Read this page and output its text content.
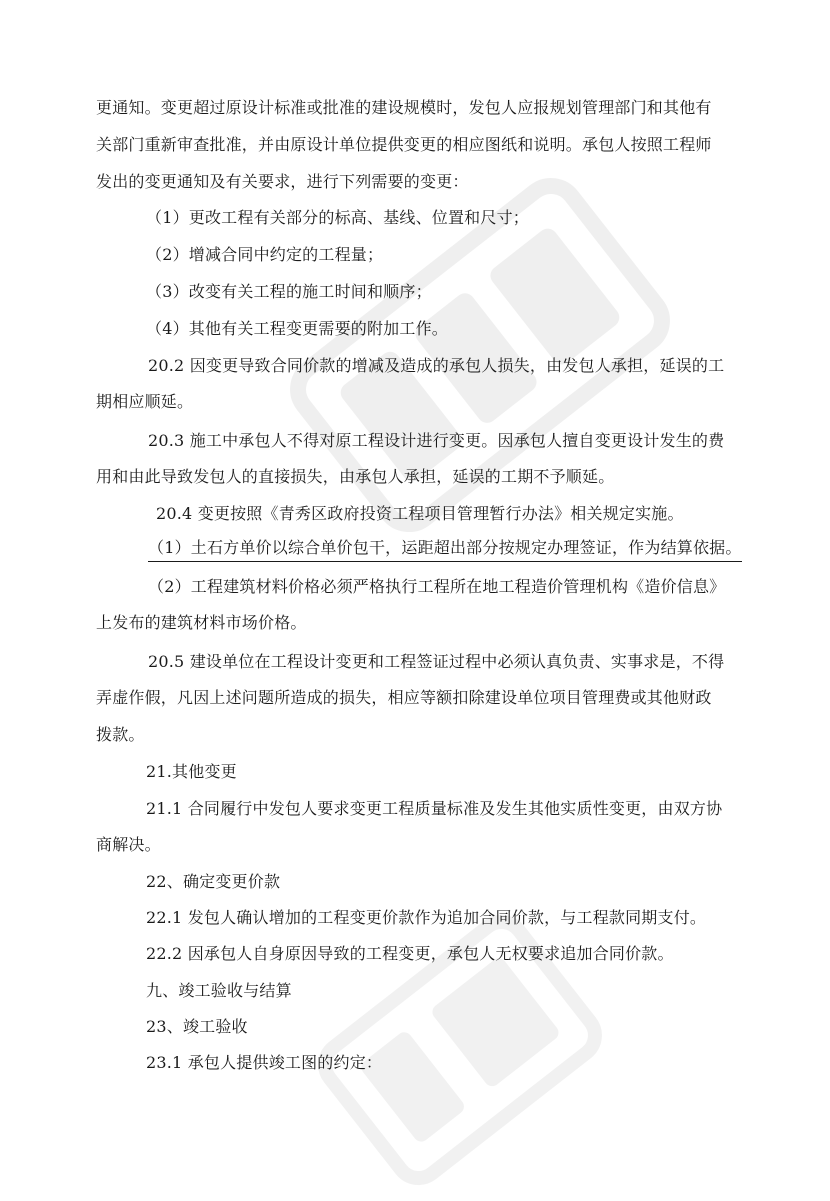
更通知。变更超过原设计标准或批准的建设规模时，发包人应报规划管理部门和其他有
关部门重新审查批准，并由原设计单位提供变更的相应图纸和说明。承包人按照工程师
发出的变更通知及有关要求，进行下列需要的变更：
（1）更改工程有关部分的标高、基线、位置和尺寸；
（2）增减合同中约定的工程量；
（3）改变有关工程的施工时间和顺序；
（4）其他有关工程变更需要的附加工作。
20.2 因变更导致合同价款的增减及造成的承包人损失，由发包人承担，延误的工
期相应顺延。
20.3 施工中承包人不得对原工程设计进行变更。因承包人擅自变更设计发生的费
用和由此导致发包人的直接损失，由承包人承担，延误的工期不予顺延。
20.4 变更按照《青秀区政府投资工程项目管理暂行办法》相关规定实施。
（1）土石方单价以综合单价包干，运距超出部分按规定办理签证，作为结算依据。
（2）工程建筑材料价格必须严格执行工程所在地工程造价管理机构《造价信息》
上发布的建筑材料市场价格。
20.5 建设单位在工程设计变更和工程签证过程中必须认真负责、实事求是，不得
弄虚作假，凡因上述问题所造成的损失，相应等额扣除建设单位项目管理费或其他财政
拨款。
21.其他变更
21.1 合同履行中发包人要求变更工程质量标准及发生其他实质性变更，由双方协
商解决。
22、确定变更价款
22.1 发包人确认增加的工程变更价款作为追加合同价款，与工程款同期支付。
22.2 因承包人自身原因导致的工程变更，承包人无权要求追加合同价款。
九、竣工验收与结算
23、竣工验收
23.1 承包人提供竣工图的约定：
